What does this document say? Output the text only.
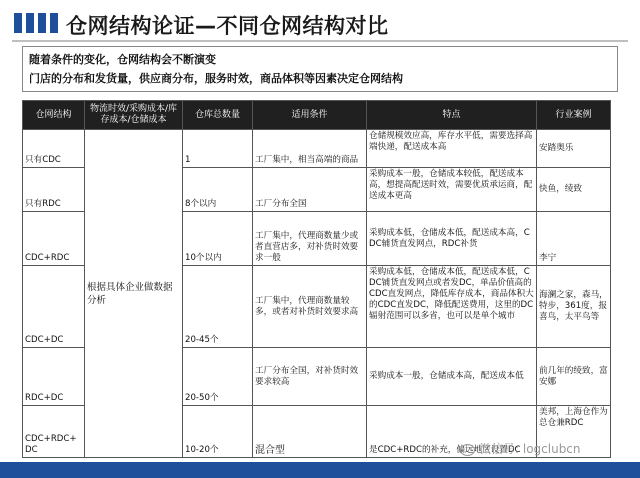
仓网结构论证—不同仓网结构对比
随着条件的变化，仓网结构会不断演变
门店的分布和发货量，供应商分布，服务时效，商品体积等因素决定仓网结构
仓网结构	物流时效/采购成本/库存成本/仓储成本	仓库总数量	适用条件	特点	行业案例
只有CDC	根据具体企业做数据分析	1	工厂集中，相当高端的商品	仓储规模效应高，库存水平低，需要选择高端快递，配送成本高	安踏奥乐
只有RDC		8个以内	工厂分布全国	采购成本一般，仓储成本较低，配送成本高，想提高配送时效，需要优质承运商，配送成本更高	快鱼，绫致
CDC+RDC		10个以内	工厂集中，代理商数量少或者直营店多，对补货时效要求一般	采购成本低，仓储成本低，配送成本高，CDC辅货直发网点，RDC补货	李宁
CDC+DC		20-45个	工厂集中，代理商数量较多，或者对补货时效要求高	采购成本低，仓储成本低，配送成本低，CDC铺货直发网点或者发DC，单品价值高的CDC直发网点，降低库存成本，商品体积大的CDC直发DC，降低配送费用，这里的DC辐射范围可以多省，也可以是单个城市	海澜之家，森马，特步，361度，报喜鸟，太平鸟等
RDC+DC		20-50个	工厂分布全国，对补货时效要求较高	采购成本一般，仓储成本高，配送成本低	前几年的绫致，富安娜
CDC+RDC+DC		10-20个	混合型	是CDC+RDC的补充，偏远地区设置DC	美邦，上海仓作为总仓兼RDC
微信号: logclubcn
